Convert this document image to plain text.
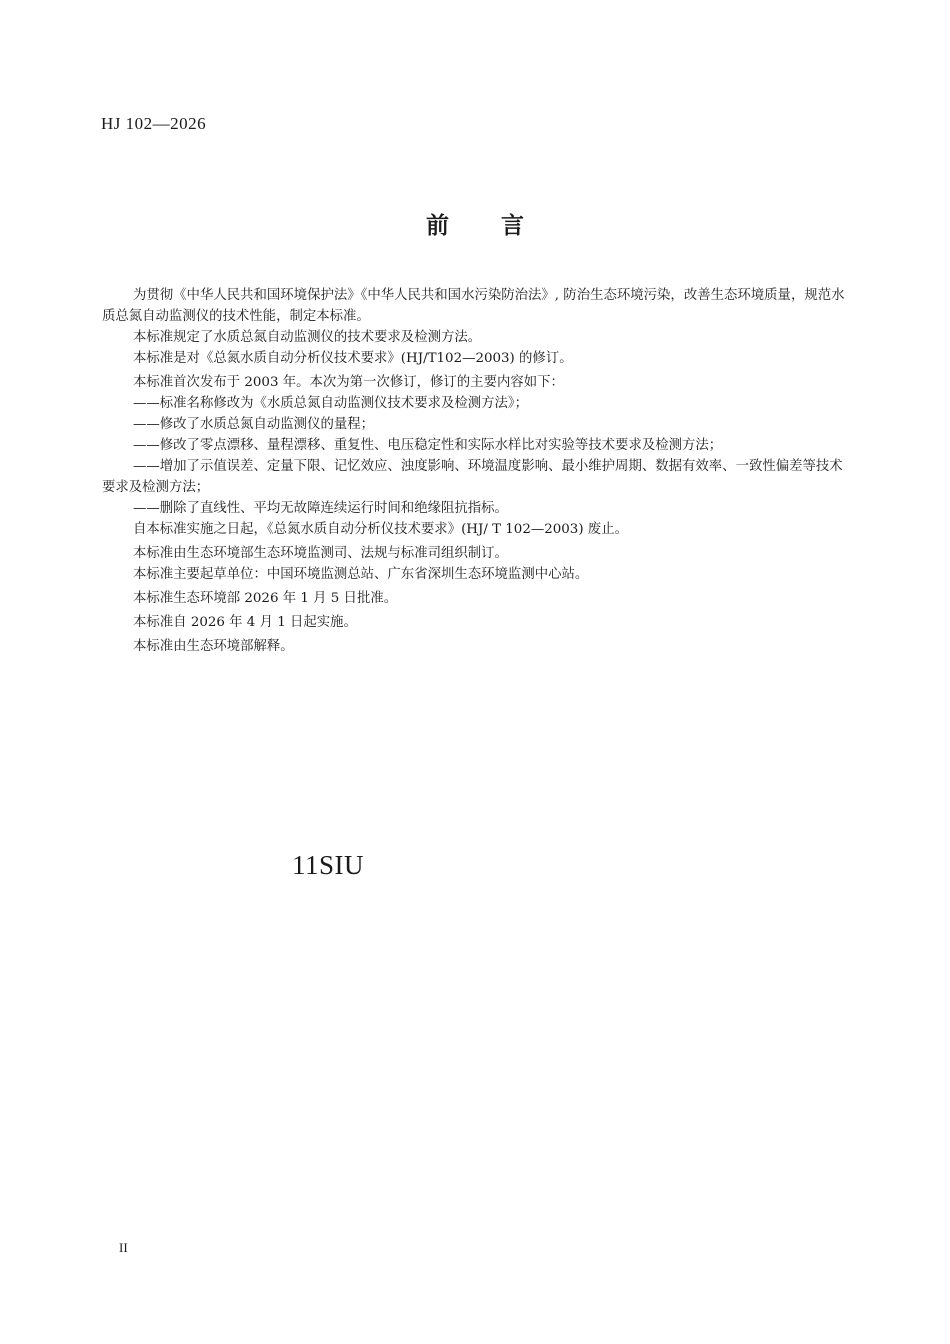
HJ 102—2026
前言

为贯彻《中华人民共和国环境保护法》《中华人民共和国水污染防治法》, 防治生态环境污染，改善生态环境质量，规范水质总氮自动监测仪的技术性能，制定本标准。

本标准规定了水质总氮自动监测仪的技术要求及检测方法。

本标准是对《总氮水质自动分析仪技术要求》(HJ/T102—2003) 的修订。

本标准首次发布于 2003 年。本次为第一次修订，修订的主要内容如下：

——标准名称修改为《水质总氮自动监测仪技术要求及检测方法》；

——修改了水质总氮自动监测仪的量程；

——修改了零点漂移、量程漂移、重复性、电压稳定性和实际水样比对实验等技术要求及检测方法；

——增加了示值误差、定量下限、记忆效应、浊度影响、环境温度影响、最小维护周期、数据有效率、一致性偏差等技术要求及检测方法；

——删除了直线性、平均无故障连续运行时间和绝缘阻抗指标。

自本标准实施之日起，《总氮水质自动分析仪技术要求》(HJ/ T 102—2003) 废止。

本标准由生态环境部生态环境监测司、法规与标准司组织制订。

本标准主要起草单位：中国环境监测总站、广东省深圳生态环境监测中心站。

本标准生态环境部 2026 年 1 月 5 日批准。

本标准自 2026 年 4 月 1 日起实施。

本标准由生态环境部解释。

11SIU
II
